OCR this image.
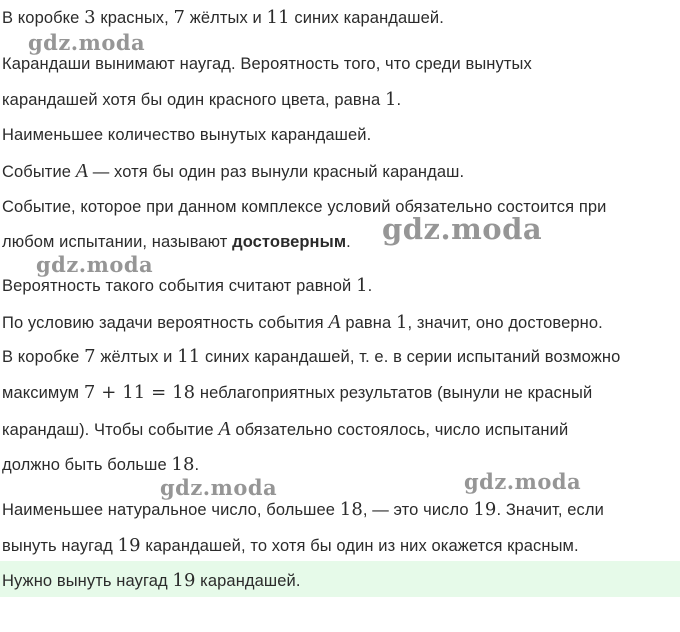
В коробке 3 красных, 7 жёлтых и 11 синих карандашей.
Карандаши вынимают наугад. Вероятность того, что среди вынутых
карандашей хотя бы один красного цвета, равна 1.
Наименьшее количество вынутых карандашей.
Событие A — хотя бы один раз вынули красный карандаш.
Событие, которое при данном комплексе условий обязательно состоится при
любом испытании, называют достоверным.
Вероятность такого события считают равной 1.
По условию задачи вероятность события A равна 1, значит, оно достоверно.
В коробке 7 жёлтых и 11 синих карандашей, т. е. в серии испытаний возможно
максимум 7 + 11 = 18 неблагоприятных результатов (вынули не красный
карандаш). Чтобы событие A обязательно состоялось, число испытаний
должно быть больше 18.
Наименьшее натуральное число, большее 18, — это число 19. Значит, если
вынуть наугад 19 карандашей, то хотя бы один из них окажется красным.
Нужно вынуть наугад 19 карандашей.
gdz.moda
gdz.moda
gdz.moda
gdz.moda	gdz.moda
